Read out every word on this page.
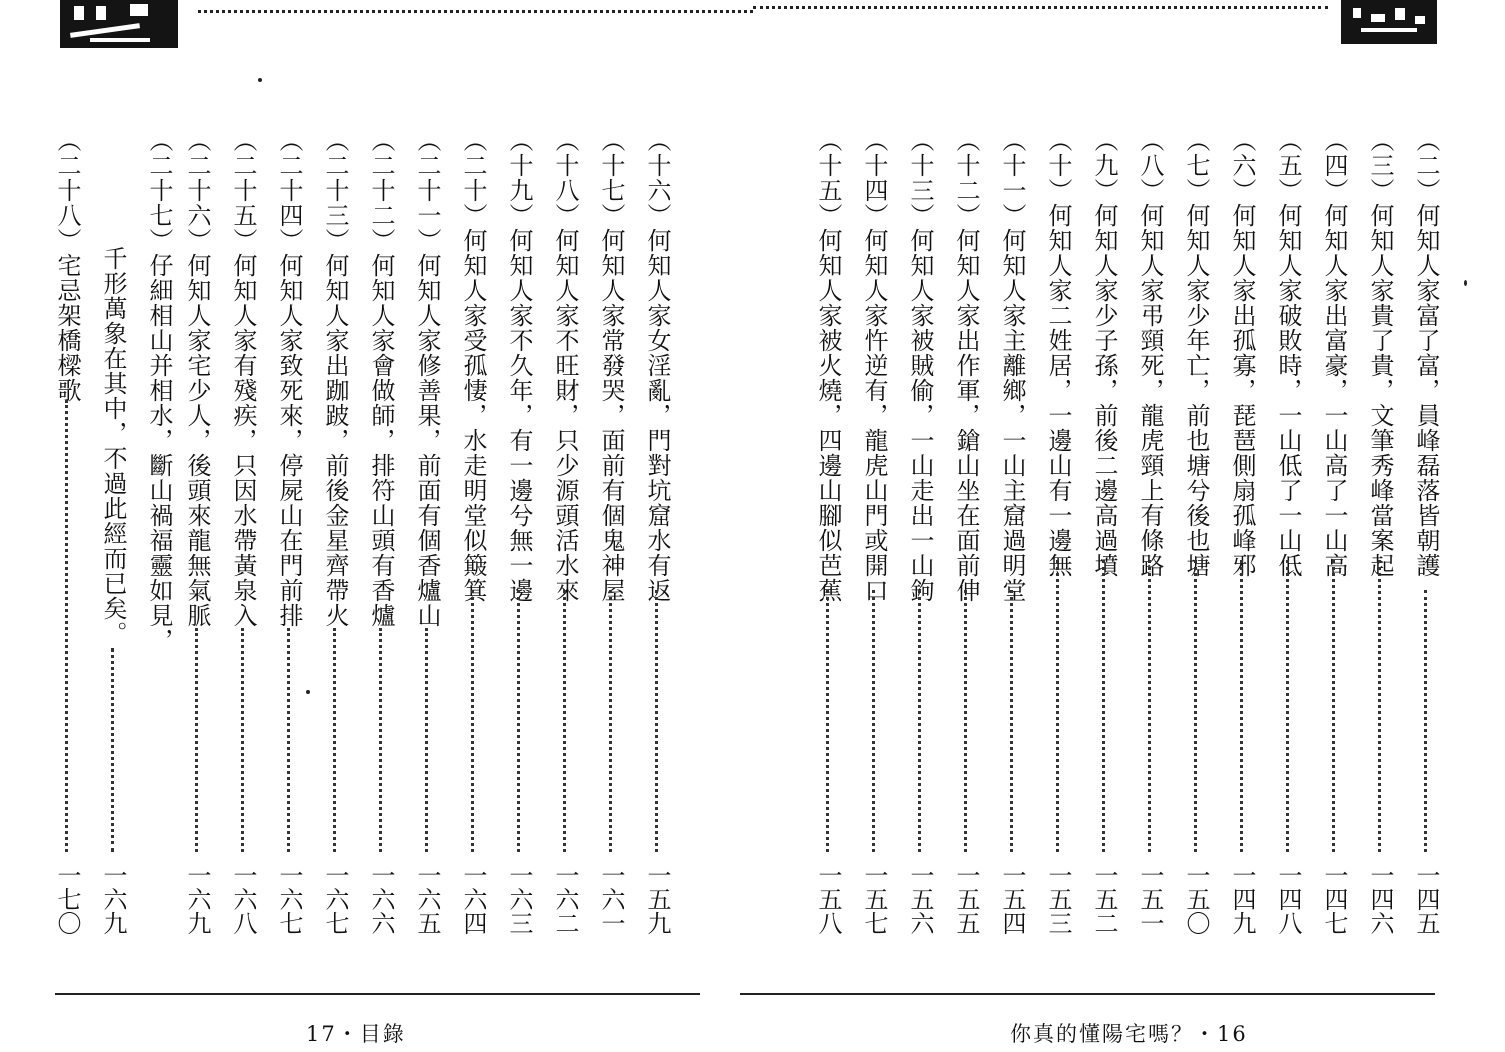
（十六）何知人家女淫亂，門對坑窟水有返
一五九
（十七）何知人家常發哭，面前有個鬼神屋
一六一
（十八）何知人家不旺財，只少源頭活水來
一六二
（十九）何知人家不久年，有一邊兮無一邊
一六三
（二十）何知人家受孤悽，水走明堂似簸箕
一六四
（二十一）何知人家修善果，前面有個香爐山
一六五
（二十二）何知人家會做師，排符山頭有香爐
一六六
（二十三）何知人家出跏跛，前後金星齊帶火
一六七
（二十四）何知人家致死來，停屍山在門前排
一六七
（二十五）何知人家有殘疾，只因水帶黃泉入
一六八
（二十六）何知人家宅少人，後頭來龍無氣脈
一六九
（二十七）仔細相山并相水，斷山禍福靈如見，
千形萬象在其中，不過此經而已矣。
一六九
（二十八）宅忌架橋樑歌
一七〇
（二）何知人家富了富，員峰磊落皆朝護
一四五
（三）何知人家貴了貴，文筆秀峰當案起
一四六
（四）何知人家出富豪，一山高了一山高
一四七
（五）何知人家破敗時，一山低了一山低
一四八
（六）何知人家出孤寡，琵琶側扇孤峰邪
一四九
（七）何知人家少年亡，前也塘兮後也塘
一五〇
（八）何知人家弔頸死，龍虎頸上有條路
一五一
（九）何知人家少子孫，前後二邊高過墳
一五二
（十）何知人家二姓居，一邊山有一邊無
一五三
（十一）何知人家主離鄉，一山主窟過明堂
一五四
（十二）何知人家出作軍，鎗山坐在面前伸
一五五
（十三）何知人家被賊偷，一山走出一山鉤
一五六
（十四）何知人家忤逆有，龍虎山門或開口
一五七
（十五）何知人家被火燒，四邊山腳似芭蕉
一五八
17・目錄	你真的懂陽宅嗎？・16
